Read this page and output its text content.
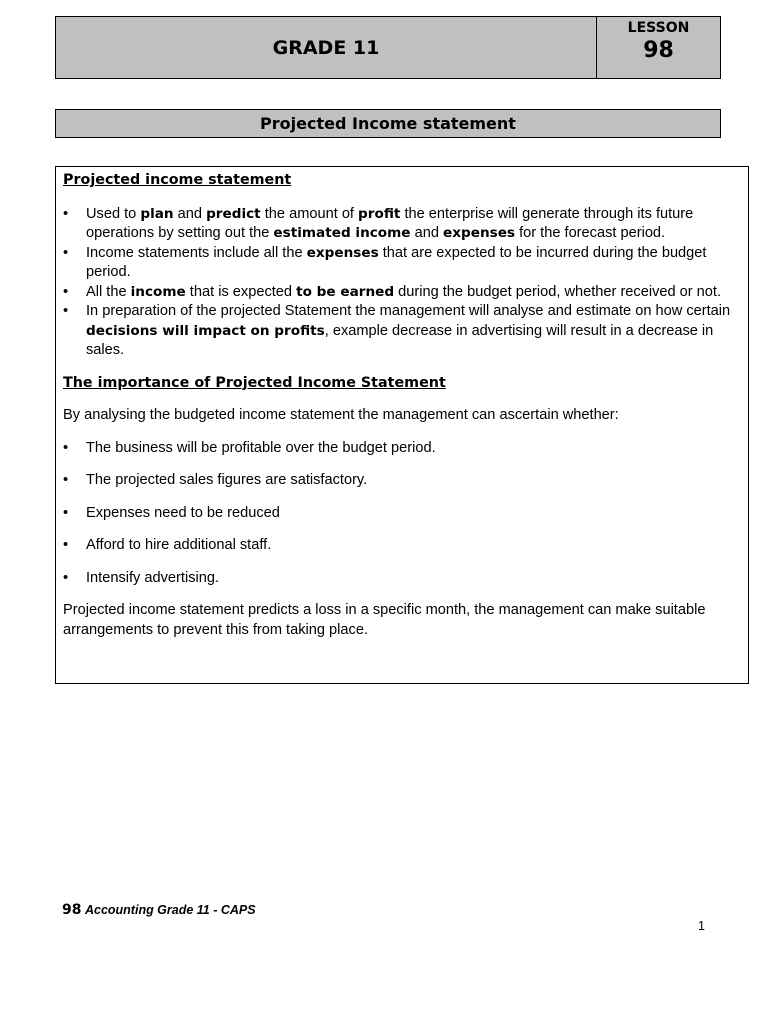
GRADE 11
LESSON
98
Projected Income statement

Projected income statement

• Used to plan and predict the amount of profit the enterprise will generate through its future operations by setting out the estimated income and expenses for the forecast period.
• Income statements include all the expenses that are expected to be incurred during the budget period.
• All the income that is expected to be earned during the budget period, whether received or not.
• In preparation of the projected Statement the management will analyse and estimate on how certain decisions will impact on profits, example decrease in advertising will result in a decrease in sales.

The importance of Projected Income Statement

By analysing the budgeted income statement the management can ascertain whether:

• The business will be profitable over the budget period.
• The projected sales figures are satisfactory.
• Expenses need to be reduced
• Afford to hire additional staff.
• Intensify advertising.

Projected income statement predicts a loss in a specific month, the management can make suitable arrangements to prevent this from taking place.

98 Accounting Grade 11 - CAPS
1
